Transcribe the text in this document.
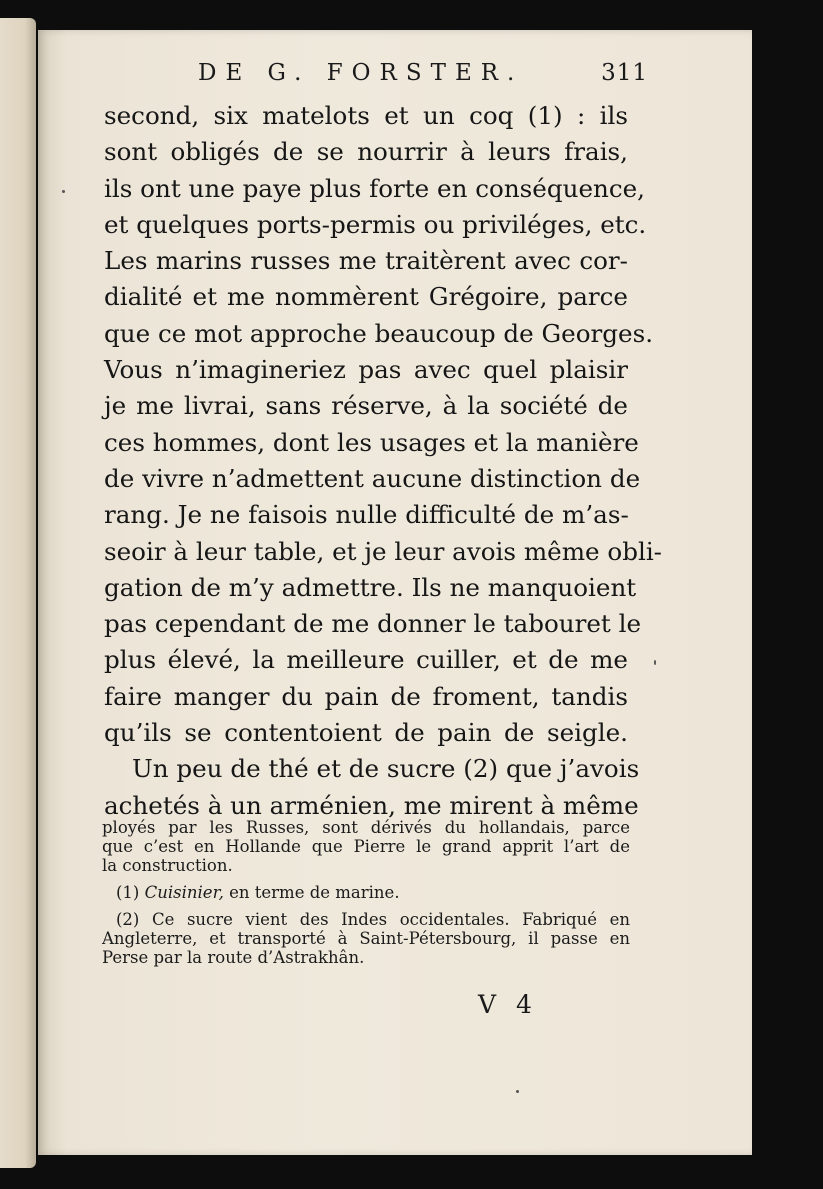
DE G. FORSTER.	311
second, six matelots et un coq (1) : ils
sont obligés de se nourrir à leurs frais,
ils ont une paye plus forte en conséquence,
et quelques ports-permis ou priviléges, etc.
Les marins russes me traitèrent avec cor-
dialité et me nommèrent Grégoire, parce
que ce mot approche beaucoup de Georges.
Vous n’imagineriez pas avec quel plaisir
je me livrai, sans réserve, à la société de
ces hommes, dont les usages et la manière
de vivre n’admettent aucune distinction de
rang. Je ne faisois nulle difficulté de m’as-
seoir à leur table, et je leur avois même obli-
gation de m’y admettre. Ils ne manquoient
pas cependant de me donner le tabouret le
plus élevé, la meilleure cuiller, et de me
faire manger du pain de froment, tandis
qu’ils se contentoient de pain de seigle.
Un peu de thé et de sucre (2) que j’avois
achetés à un arménien, me mirent à même
ployés par les Russes, sont dérivés du hollandais, parce
que c’est en Hollande que Pierre le grand apprit l’art de
la construction.
(1) Cuisinier, en terme de marine.
(2) Ce sucre vient des Indes occidentales. Fabriqué en
Angleterre, et transporté à Saint-Pétersbourg, il passe en
Perse par la route d’Astrakhân.
V 4
